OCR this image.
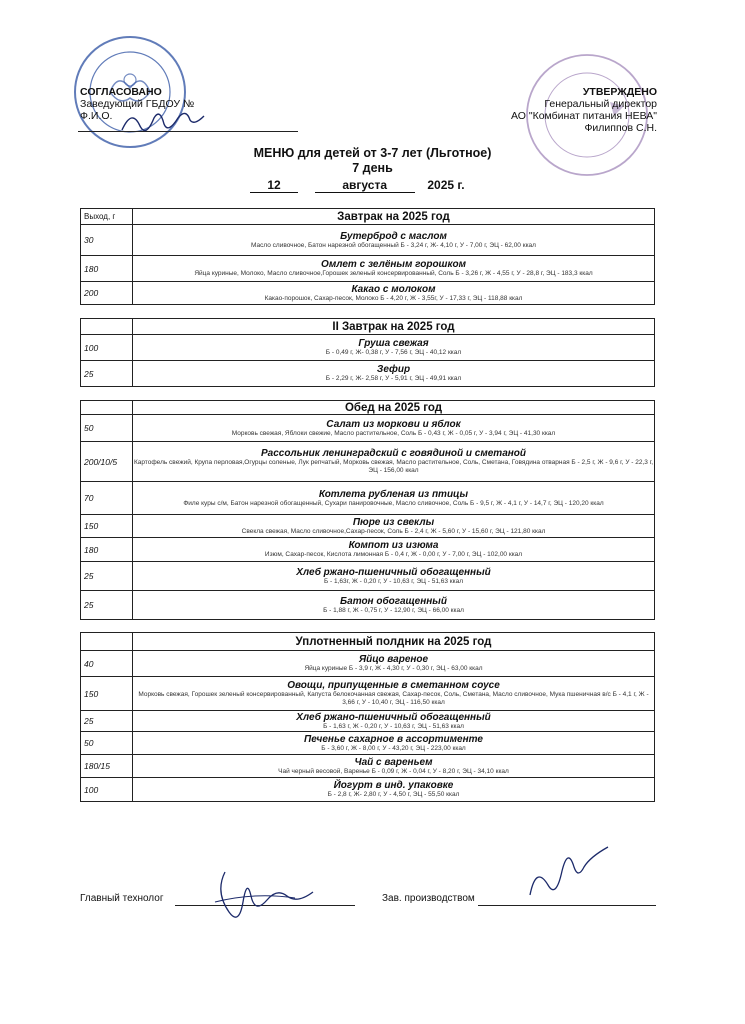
СОГЛАСОВАНО
Заведующий ГБДОУ №
Ф.И.О.
УТВЕРЖДЕНО
Генеральный директор
АО "Комбинат питания НЕВА"
Филиппов С.Н.
МЕНЮ для детей от 3-7 лет (Льготное)
7 день
12	августа	2025 г.
Выход, г	Завтрак на 2025 год
30	Бутерброд с маслом
Масло сливочное, Батон нарезной обогащенный Б - 3,24 г, Ж- 4,10 г, У - 7,00 г, ЭЦ - 62,00 ккал

180	Омлет с зелёным горошком
Яйца куриные, Молоко, Масло сливочное,Горошек зеленый консервированный, Соль Б - 3,26 г, Ж - 4,55 г, У - 28,8 г, ЭЦ - 183,3 ккал

200	Какао с молоком
Какао-порошок, Сахар-песок, Молоко Б - 4,20 г, Ж - 3,55г, У - 17,33 г, ЭЦ - 118,88 ккал
	II Завтрак на 2025 год
100	Груша свежая
Б - 0,49 г, Ж- 0,38 г, У - 7,56 г, ЭЦ - 40,12 ккал

25	Зефир
Б - 2,29 г, Ж- 2,58 г, У - 5,91 г, ЭЦ - 49,91 ккал
	Обед на 2025 год
50	Салат из моркови и яблок
Морковь свежая, Яблоки свежие, Масло растительное, Соль Б - 0,43 г, Ж - 0,05 г, У - 3,94 г, ЭЦ - 41,30 ккал

200/10/5	Рассольник ленинградский с говядиной и сметаной
Картофель свежий, Крупа перловая,Огурцы соленые, Лук репчатый, Морковь свежая, Масло растительное, Соль, Сметана, Говядина отварная Б - 2,5 г, Ж - 9,6 г, У - 22,3 г, ЭЦ - 156,00 ккал

70	Котлета рубленая из птицы
Филе куры с/м, Батон нарезной обогащенный, Сухари панировочные, Масло сливочное, Соль Б - 9,5 г, Ж - 4,1 г, У - 14,7 г, ЭЦ - 120,20 ккал

150	Пюре из свеклы
Свекла свежая, Масло сливочное,Сахар-песок, Соль Б - 2,4 г, Ж - 5,60 г, У - 15,60 г, ЭЦ - 121,80 ккал

180	Компот из изюма
Изюм, Сахар-песок, Кислота лимонная Б - 0,4 г, Ж - 0,00 г, У - 7,00 г, ЭЦ - 102,00 ккал

25	Хлеб ржано-пшеничный обогащенный
Б - 1,63г, Ж - 0,20 г, У - 10,63 г, ЭЦ - 51,63 ккал

25	Батон обогащенный
Б - 1,88 г, Ж - 0,75 г, У - 12,90 г, ЭЦ - 66,00 ккал
	Уплотненный полдник на 2025 год
40	Яйцо вареное
Яйца куриные Б - 3,9 г, Ж - 4,30 г, У - 0,30 г, ЭЦ - 63,00 ккал

150	Овощи, припущенные в сметанном соусе
Морковь свежая, Горошек зеленый консервированный, Капуста белокочанная свежая, Сахар-песок, Соль, Сметана, Масло сливочное, Мука пшеничная в/с Б - 4,1 г, Ж - 3,66 г, У - 10,40 г, ЭЦ - 116,50 ккал

25	Хлеб ржано-пшеничный обогащенный
Б - 1,63 г, Ж - 0,20 г, У - 10,63 г, ЭЦ - 51,63 ккал

50	Печенье сахарное в ассортименте
Б - 3,60 г, Ж - 8,00 г, У - 43,20 г, ЭЦ - 223,00 ккал

180/15	Чай с вареньем
Чай черный весовой, Варенье Б - 0,09 г, Ж - 0,04 г, У - 8,20 г, ЭЦ - 34,10 ккал

100	Йогурт в инд. упаковке
Б - 2,8 г, Ж- 2,80 г, У - 4,50 г, ЭЦ - 55,50 ккал
Главный технолог	Зав. производством
